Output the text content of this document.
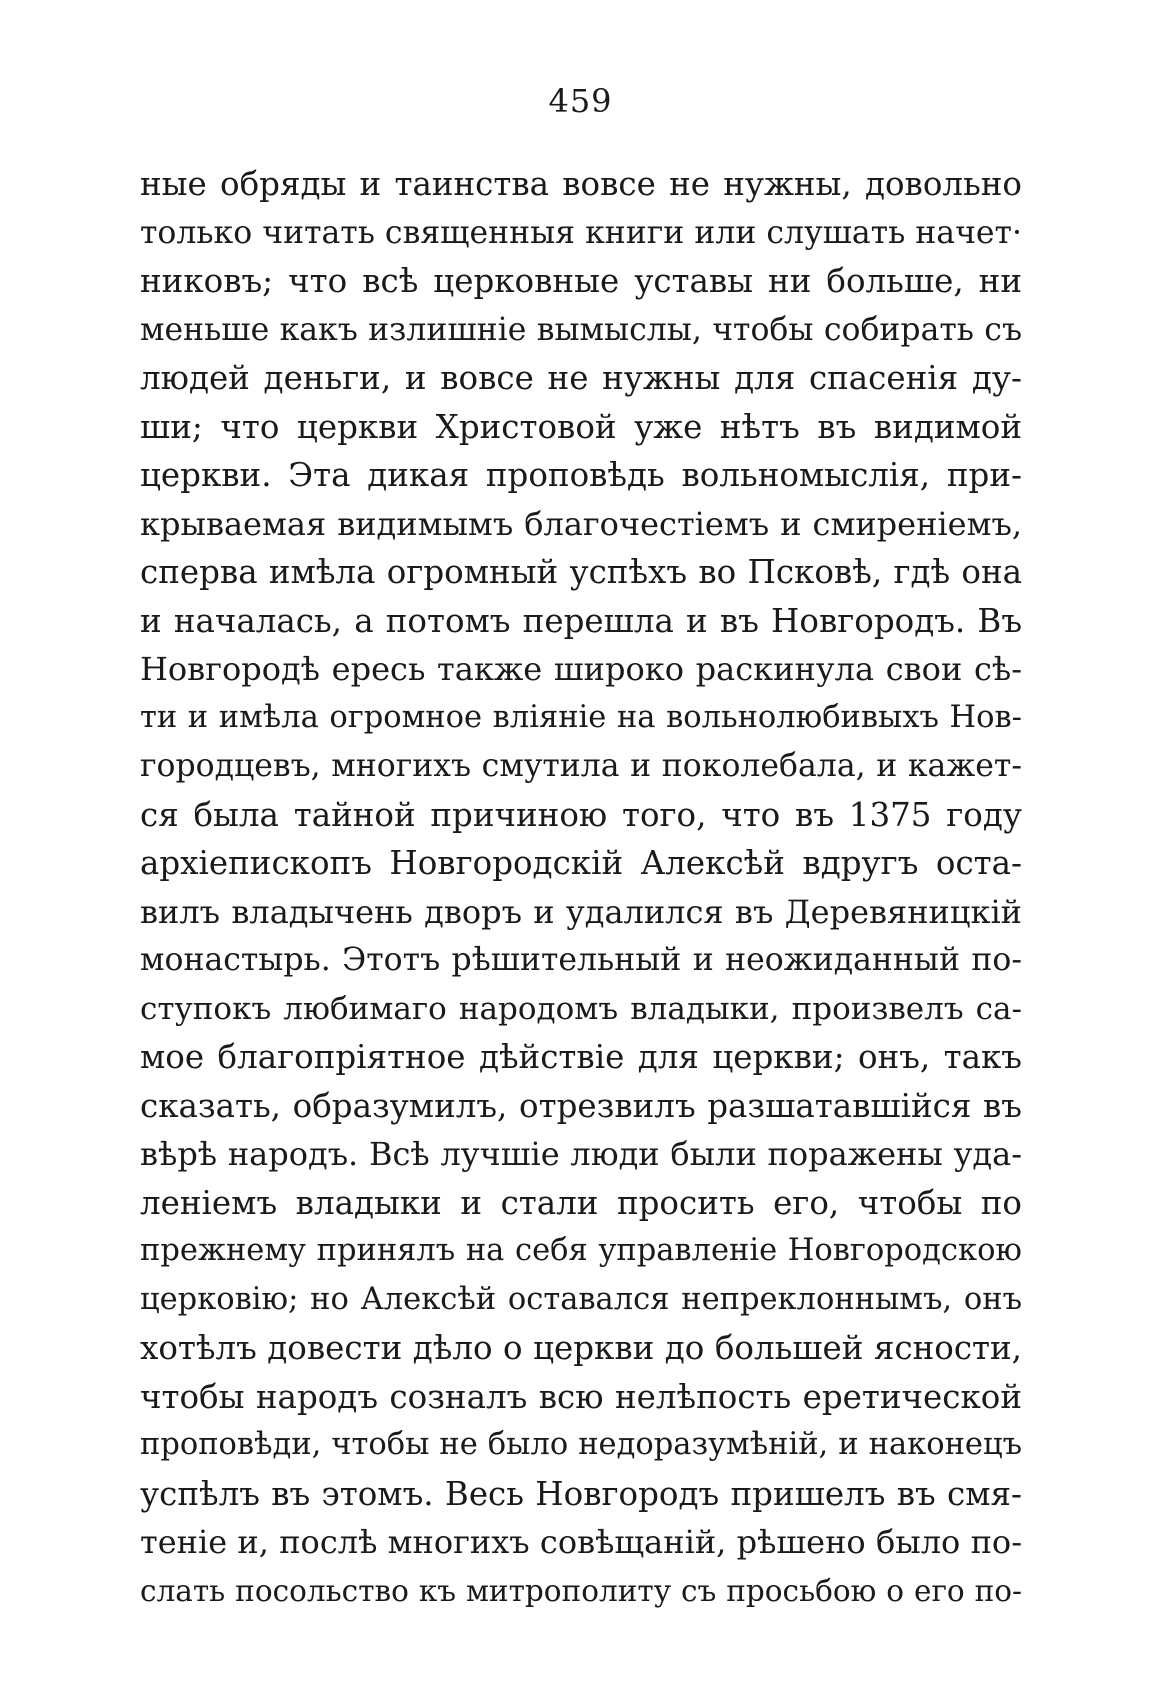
459
ные обряды и таинства вовсе не нужны, довольно
только читать священныя книги или слушать начет·
никовъ; что всѣ церковные уставы ни больше, ни
меньше какъ излишніе вымыслы, чтобы собирать съ
людей деньги, и вовсе не нужны для спасенія ду-
ши; что церкви Христовой уже нѣтъ въ видимой
церкви. Эта дикая проповѣдь вольномыслія, при-
крываемая видимымъ благочестіемъ и смиреніемъ,
сперва имѣла огромный успѣхъ во Псковѣ, гдѣ она
и началась, а потомъ перешла и въ Новгородъ. Въ
Новгородѣ ересь также широко раскинула свои сѣ-
ти и имѣла огромное вліяніе на вольнолюбивыхъ Нов-
городцевъ, многихъ смутила и поколебала, и кажет-
ся была тайной причиною того, что въ 1375 году
архіепископъ Новгородскій Алексѣй вдругъ оста-
вилъ владычень дворъ и удалился въ Деревяницкій
монастырь. Этотъ рѣшительный и неожиданный по-
ступокъ любимаго народомъ владыки, произвелъ са-
мое благопріятное дѣйствіе для церкви; онъ, такъ
сказать, образумилъ, отрезвилъ разшатавшійся въ
вѣрѣ народъ. Всѣ лучшіе люди были поражены уда-
леніемъ владыки и стали просить его, чтобы по
прежнему принялъ на себя управленіе Новгородскою
церковію; но Алексѣй оставался непреклоннымъ, онъ
хотѣлъ довести дѣло о церкви до большей ясности,
чтобы народъ созналъ всю нелѣпость еретической
проповѣди, чтобы не было недоразумѣній, и наконецъ
успѣлъ въ этомъ. Весь Новгородъ пришелъ въ смя-
теніе и, послѣ многихъ совѣщаній, рѣшено было по-
слать посольство къ митрополиту съ просьбою о его по-
